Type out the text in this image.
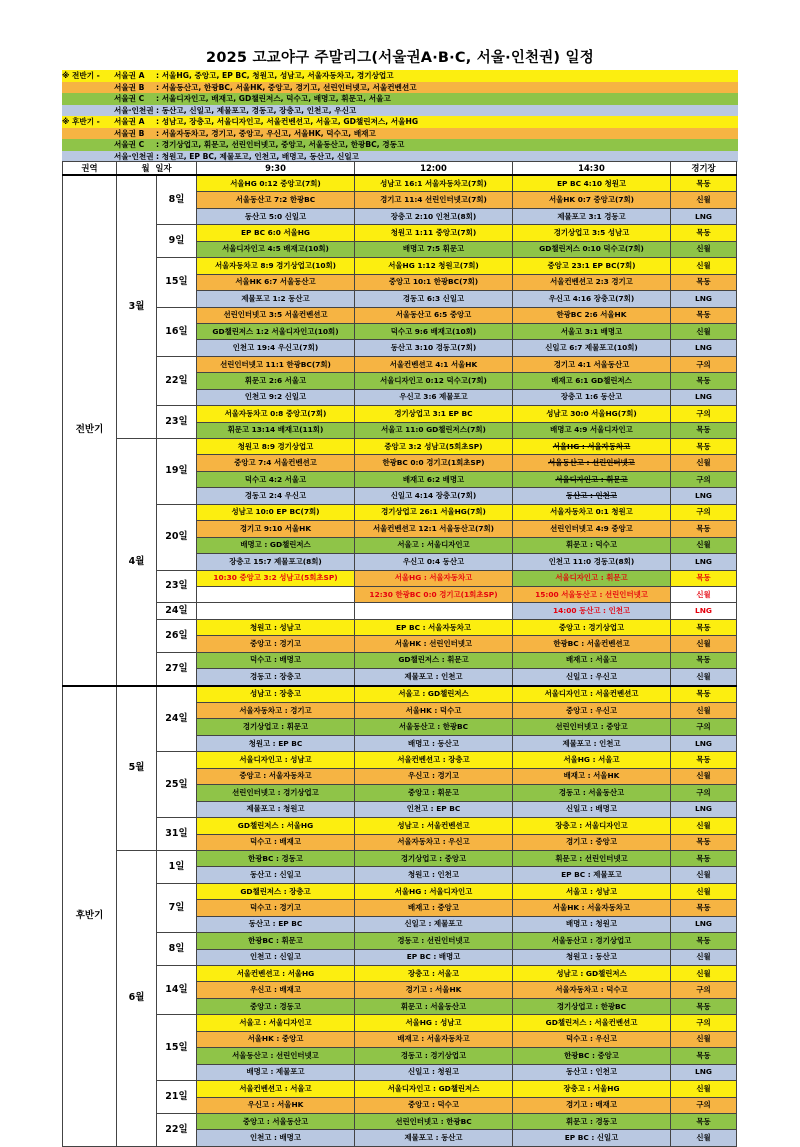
2025 고교야구 주말리그(서울권A·B·C, 서울·인천권) 일정
※ 전반기 - 서울권 A : 서울HG, 중앙고, EP BC, 청원고, 성남고, 서울자동차고, 경기상업고
서울권 B : 서울동산고, 한광BC, 서울HK, 중앙고, 경기고, 선린인터넷고, 서울컨벤션고
서울권 C : 서울디자인고, 배재고, GD챌린저스, 덕수고, 배명고, 휘문고, 서울고
서울·인천권 : 동산고, 신일고, 제물포고, 경동고, 장충고, 인천고, 우신고
※ 후반기 - 서울권 A : 성남고, 장충고, 서울디자인고, 서울컨벤션고, 서울고, GD챌린저스, 서울HG
서울권 B : 서울자동차고, 경기고, 중앙고, 우신고, 서울HK, 덕수고, 배재고
서울권 C : 경기상업고, 휘문고, 선린인터넷고, 중앙고, 서울동산고, 한광BC, 경동고
서울·인천권 : 청원고, EP BC, 제물포고, 인천고, 배명고, 동산고, 신일고
권역	월 일자		9:30	12:00	14:30	경기장
전반기	3월	8일	서울HG 0:12 중앙고(7회)	성남고 16:1 서울자동차고(7회)	EP BC 4:10 청원고	목동
			서울동산고 7:2 한광BC	경기고 11:4 선린인터넷고(7회)	서울HK 0:7 중앙고(7회)	신월
			동산고 5:0 신일고	장충고 2:10 인천고(8회)	제물포고 3:1 경동고	LNG
		9일	EP BC 6:0 서울HG	청원고 1:11 중앙고(7회)	경기상업고 3:5 성남고	목동
			서울디자인고 4:5 배재고(10회)	배명고 7:5 휘문고	GD챌린저스 0:10 덕수고(7회)	신월
		15일	서울자동차고 8:9 경기상업고(10회)	서울HG 1:12 청원고(7회)	중앙고 23:1 EP BC(7회)	신월
			서울HK 6:7 서울동산고	중앙고 10:1 한광BC(7회)	서울컨벤션고 2:3 경기고	목동
			제물포고 1:2 동산고	경동고 6:3 신일고	우신고 4:16 장충고(7회)	LNG
		16일	선린인터넷고 3:5 서울컨벤션고	서울동산고 6:5 중앙고	한광BC 2:6 서울HK	목동
			GD챌린저스 1:2 서울디자인고(10회)	덕수고 9:6 배재고(10회)	서울고 3:1 배명고	신월
			인천고 19:4 우신고(7회)	동산고 3:10 경동고(7회)	신일고 6:7 제물포고(10회)	LNG
		22일	선린인터넷고 11:1 한광BC(7회)	서울컨벤션고 4:1 서울HK	경기고 4:1 서울동산고	구의
			휘문고 2:6 서울고	서울디자인고 0:12 덕수고(7회)	배재고 6:1 GD챌린저스	목동
			인천고 9:2 신일고	우신고 3:6 제물포고	장충고 1:6 동산고	LNG
		23일	서울자동차고 0:8 중앙고(7회)	경기상업고 3:1 EP BC	성남고 30:0 서울HG(7회)	구의
			휘문고 13:14 배재고(11회)	서울고 11:0 GD챌린저스(7회)	배명고 4:9 서울디자인고	목동
	4월	19일	청원고 8:9 경기상업고	중앙고 3:2 성남고(5회초SP)	서울HG : 서울자동차고	목동
			중앙고 7:4 서울컨벤션고	한광BC 0:0 경기고(1회초SP)	서울동산고 : 선린인터넷고	신월
			덕수고 4:2 서울고	배재고 6:2 배명고	서울디자인고 : 휘문고	구의
			경동고 2:4 우신고	신일고 4:14 장충고(7회)	동산고 : 인천고	LNG
		20일	성남고 10:0 EP BC(7회)	경기상업고 26:1 서울HG(7회)	서울자동차고 0:1 청원고	구의
			경기고 9:10 서울HK	서울컨벤션고 12:1 서울동산고(7회)	선린인터넷고 4:9 중앙고	목동
			배명고 : GD챌린저스	서울고 : 서울디자인고	휘문고 : 덕수고	신월
			장충고 15:7 제물포고(8회)	우신고 0:4 동산고	인천고 11:0 경동고(8회)	LNG
		23일	10:30 중앙고 3:2 성남고(5회초SP)	서울HG : 서울자동차고	서울디자인고 : 휘문고	목동
				12:30 한광BC 0:0 경기고(1회초SP)	15:00 서울동산고 : 선린인터넷고	신월
		24일			14:00 동산고 : 인천고	LNG
		26일	청원고 : 성남고	EP BC : 서울자동차고	중앙고 : 경기상업고	목동
			중앙고 : 경기고	서울HK : 선린인터넷고	한광BC : 서울컨벤션고	신월
		27일	덕수고 : 배명고	GD챌린저스 : 휘문고	배재고 : 서울고	목동
			경동고 : 장충고	제물포고 : 인천고	신일고 : 우신고	신월
후반기	5월	24일	성남고 : 장충고	서울고 : GD챌린저스	서울디자인고 : 서울컨벤션고	목동
			서울자동차고 : 경기고	서울HK : 덕수고	중앙고 : 우신고	신월
			경기상업고 : 휘문고	서울동산고 : 한광BC	선린인터넷고 : 중앙고	구의
			청원고 : EP BC	배명고 : 동산고	제물포고 : 인천고	LNG
		25일	서울디자인고 : 성남고	서울컨벤션고 : 장충고	서울HG : 서울고	목동
			중앙고 : 서울자동차고	우신고 : 경기고	배재고 : 서울HK	신월
			선린인터넷고 : 경기상업고	중앙고 : 휘문고	경동고 : 서울동산고	구의
			제물포고 : 청원고	인천고 : EP BC	신일고 : 배명고	LNG
		31일	GD챌린저스 : 서울HG	성남고 : 서울컨벤션고	장충고 : 서울디자인고	신월
			덕수고 : 배재고	서울자동차고 : 우신고	경기고 : 중앙고	목동
	6월	1일	한광BC : 경동고	경기상업고 : 중앙고	휘문고 : 선린인터넷고	목동
			동산고 : 신일고	청원고 : 인천고	EP BC : 제물포고	신월
		7일	GD챌린저스 : 장충고	서울HG : 서울디자인고	서울고 : 성남고	신월
			덕수고 : 경기고	배재고 : 중앙고	서울HK : 서울자동차고	목동
			동산고 : EP BC	신일고 : 제물포고	배명고 : 청원고	LNG
		8일	한광BC : 휘문고	경동고 : 선린인터넷고	서울동산고 : 경기상업고	목동
			인천고 : 신일고	EP BC : 배명고	청원고 : 동산고	신월
		14일	서울컨벤션고 : 서울HG	장충고 : 서울고	성남고 : GD챌린저스	신월
			우신고 : 배재고	경기고 : 서울HK	서울자동차고 : 덕수고	구의
			중앙고 : 경동고	휘문고 : 서울동산고	경기상업고 : 한광BC	목동
		15일	서울고 : 서울디자인고	서울HG : 성남고	GD챌린저스 : 서울컨벤션고	구의
			서울HK : 중앙고	배재고 : 서울자동차고	덕수고 : 우신고	신월
			서울동산고 : 선린인터넷고	경동고 : 경기상업고	한광BC : 중앙고	목동
			배명고 : 제물포고	신일고 : 청원고	동산고 : 인천고	LNG
		21일	서울컨벤션고 : 서울고	서울디자인고 : GD챌린저스	장충고 : 서울HG	신월
			우신고 : 서울HK	중앙고 : 덕수고	경기고 : 배재고	구의
		22일	중앙고 : 서울동산고	선린인터넷고 : 한광BC	휘문고 : 경동고	목동
			인천고 : 배명고	제물포고 : 동산고	EP BC : 신일고	신월
